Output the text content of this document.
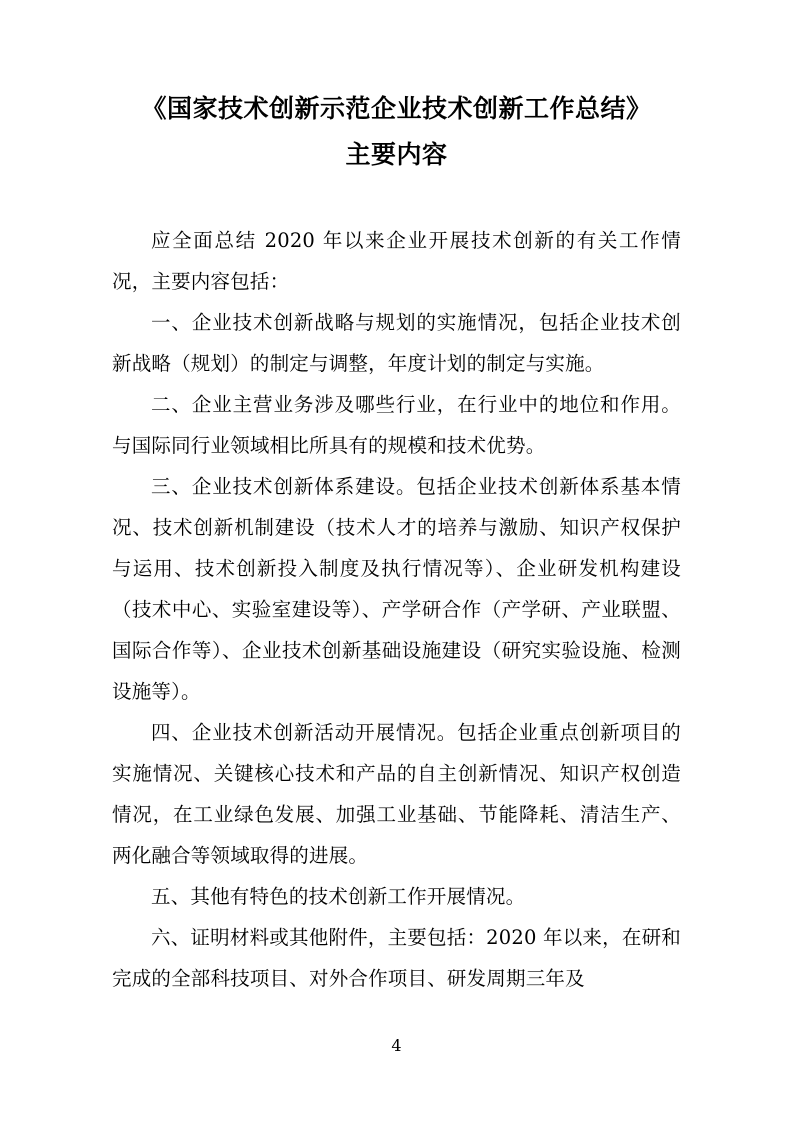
《国家技术创新示范企业技术创新工作总结》
主要内容

应全面总结 2020 年以来企业开展技术创新的有关工作情况，主要内容包括：

一、企业技术创新战略与规划的实施情况，包括企业技术创新战略（规划）的制定与调整，年度计划的制定与实施。

二、企业主营业务涉及哪些行业，在行业中的地位和作用。与国际同行业领域相比所具有的规模和技术优势。

三、企业技术创新体系建设。包括企业技术创新体系基本情况、技术创新机制建设（技术人才的培养与激励、知识产权保护与运用、技术创新投入制度及执行情况等）、企业研发机构建设（技术中心、实验室建设等）、产学研合作（产学研、产业联盟、国际合作等）、企业技术创新基础设施建设（研究实验设施、检测设施等）。

四、企业技术创新活动开展情况。包括企业重点创新项目的实施情况、关键核心技术和产品的自主创新情况、知识产权创造情况，在工业绿色发展、加强工业基础、节能降耗、清洁生产、两化融合等领域取得的进展。

五、其他有特色的技术创新工作开展情况。

六、证明材料或其他附件，主要包括：2020 年以来，在研和完成的全部科技项目、对外合作项目、研发周期三年及

4
